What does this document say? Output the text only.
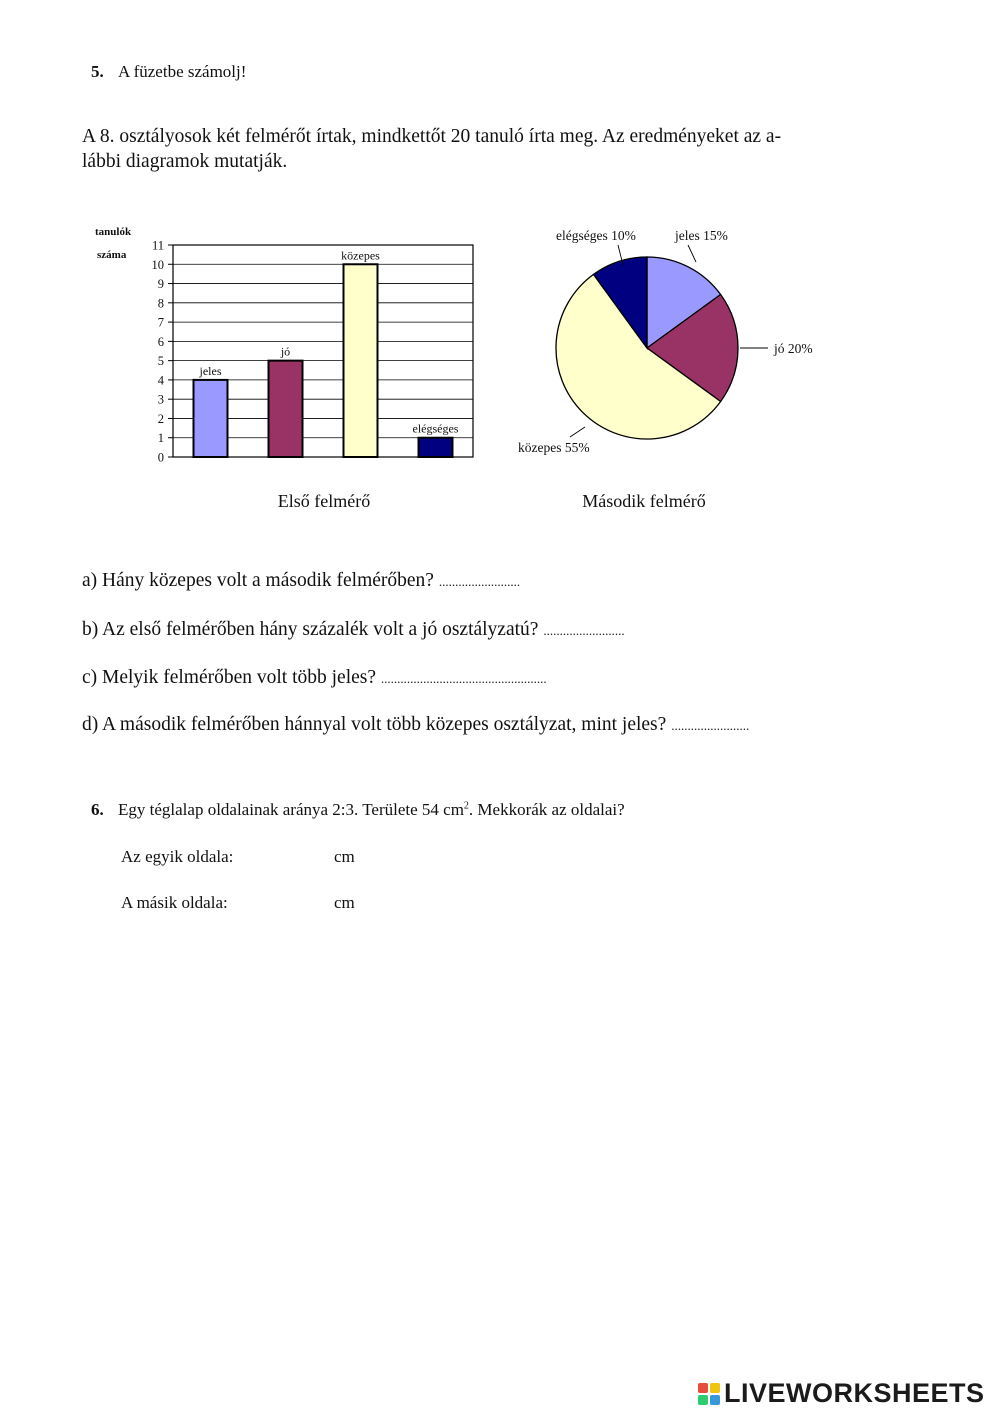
5. A füzetbe számolj!
A 8. osztályosok két felmérőt írtak, mindkettőt 20 tanuló írta meg. Az eredményeket az a-
lábbi diagramok mutatják.
0
1
2
3
4
5
6
7
8
9
10
11
tanulók
száma
jeles
jó
közepes
elégséges
Első felmérő
jeles 15%
jó 20%
közepes 55%
elégséges 10%
Második felmérő
a) Hány közepes volt a második felmérőben? .........................
b) Az első felmérőben hány százalék volt a jó osztályzatú? .........................
c) Melyik felmérőben volt több jeles? ...................................................
d) A második felmérőben hánnyal volt több közepes osztályzat, mint jeles? ........................
6. Egy téglalap oldalainak aránya 2:3. Területe 54 $cm^2$. Mekkorák az oldalai?
Az egyik oldala:	cm
A másik oldala:	cm
LIVEWORKSHEETS
